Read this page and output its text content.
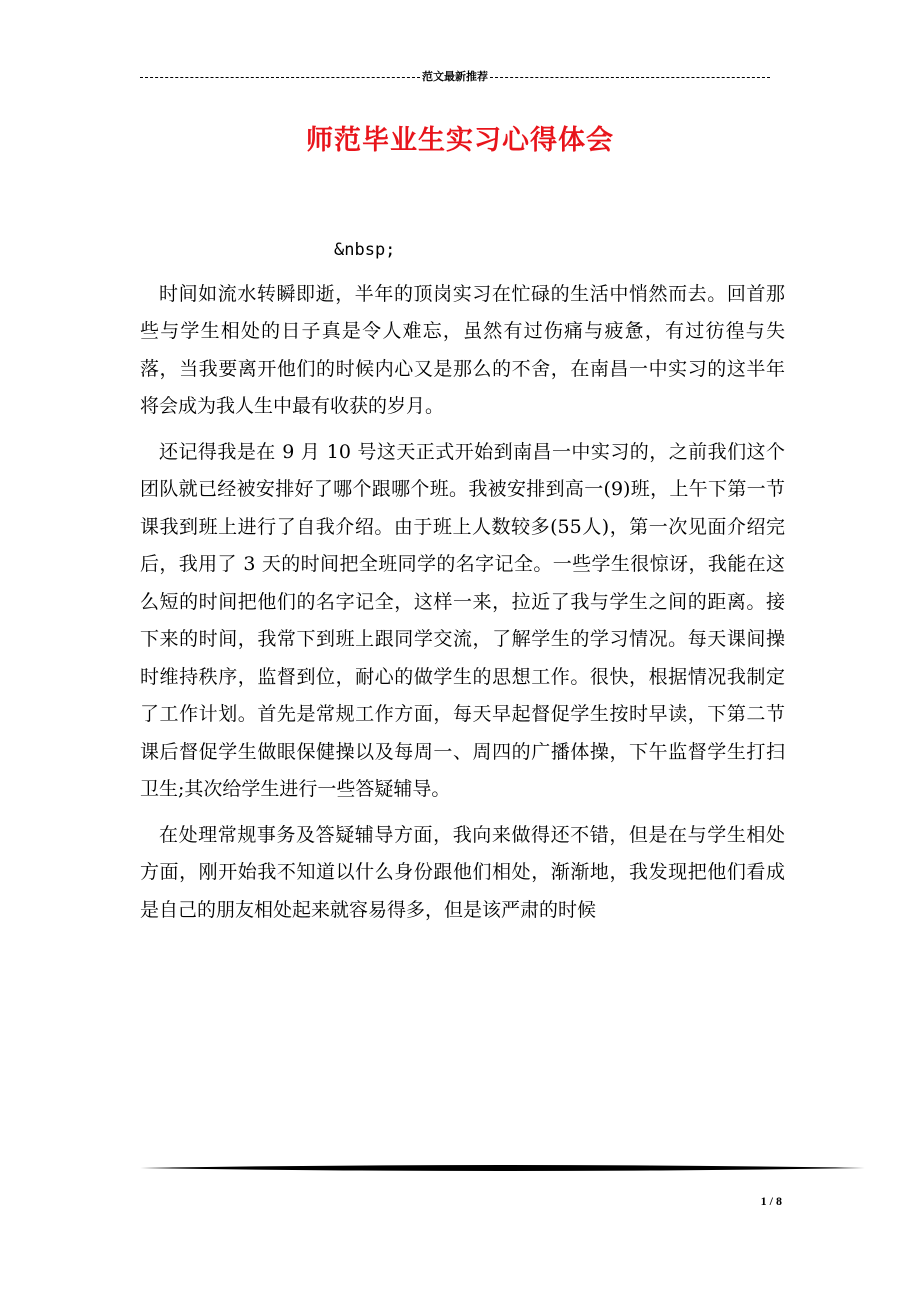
范文最新推荐
师范毕业生实习心得体会

&nbsp;

时间如流水转瞬即逝，半年的顶岗实习在忙碌的生活中悄然而去。回首那些与学生相处的日子真是令人难忘，虽然有过伤痛与疲惫，有过彷徨与失落，当我要离开他们的时候内心又是那么的不舍，在南昌一中实习的这半年将会成为我人生中最有收获的岁月。

还记得我是在 9 月 10 号这天正式开始到南昌一中实习的，之前我们这个团队就已经被安排好了哪个跟哪个班。我被安排到高一(9)班，上午下第一节课我到班上进行了自我介绍。由于班上人数较多(55人)，第一次见面介绍完后，我用了 3 天的时间把全班同学的名字记全。一些学生很惊讶，我能在这么短的时间把他们的名字记全，这样一来，拉近了我与学生之间的距离。接下来的时间，我常下到班上跟同学交流，了解学生的学习情况。每天课间操时维持秩序，监督到位，耐心的做学生的思想工作。很快，根据情况我制定了工作计划。首先是常规工作方面，每天早起督促学生按时早读，下第二节课后督促学生做眼保健操以及每周一、周四的广播体操，下午监督学生打扫卫生;其次给学生进行一些答疑辅导。

在处理常规事务及答疑辅导方面，我向来做得还不错，但是在与学生相处方面，刚开始我不知道以什么身份跟他们相处，渐渐地，我发现把他们看成是自己的朋友相处起来就容易得多，但是该严肃的时候

1 / 8
